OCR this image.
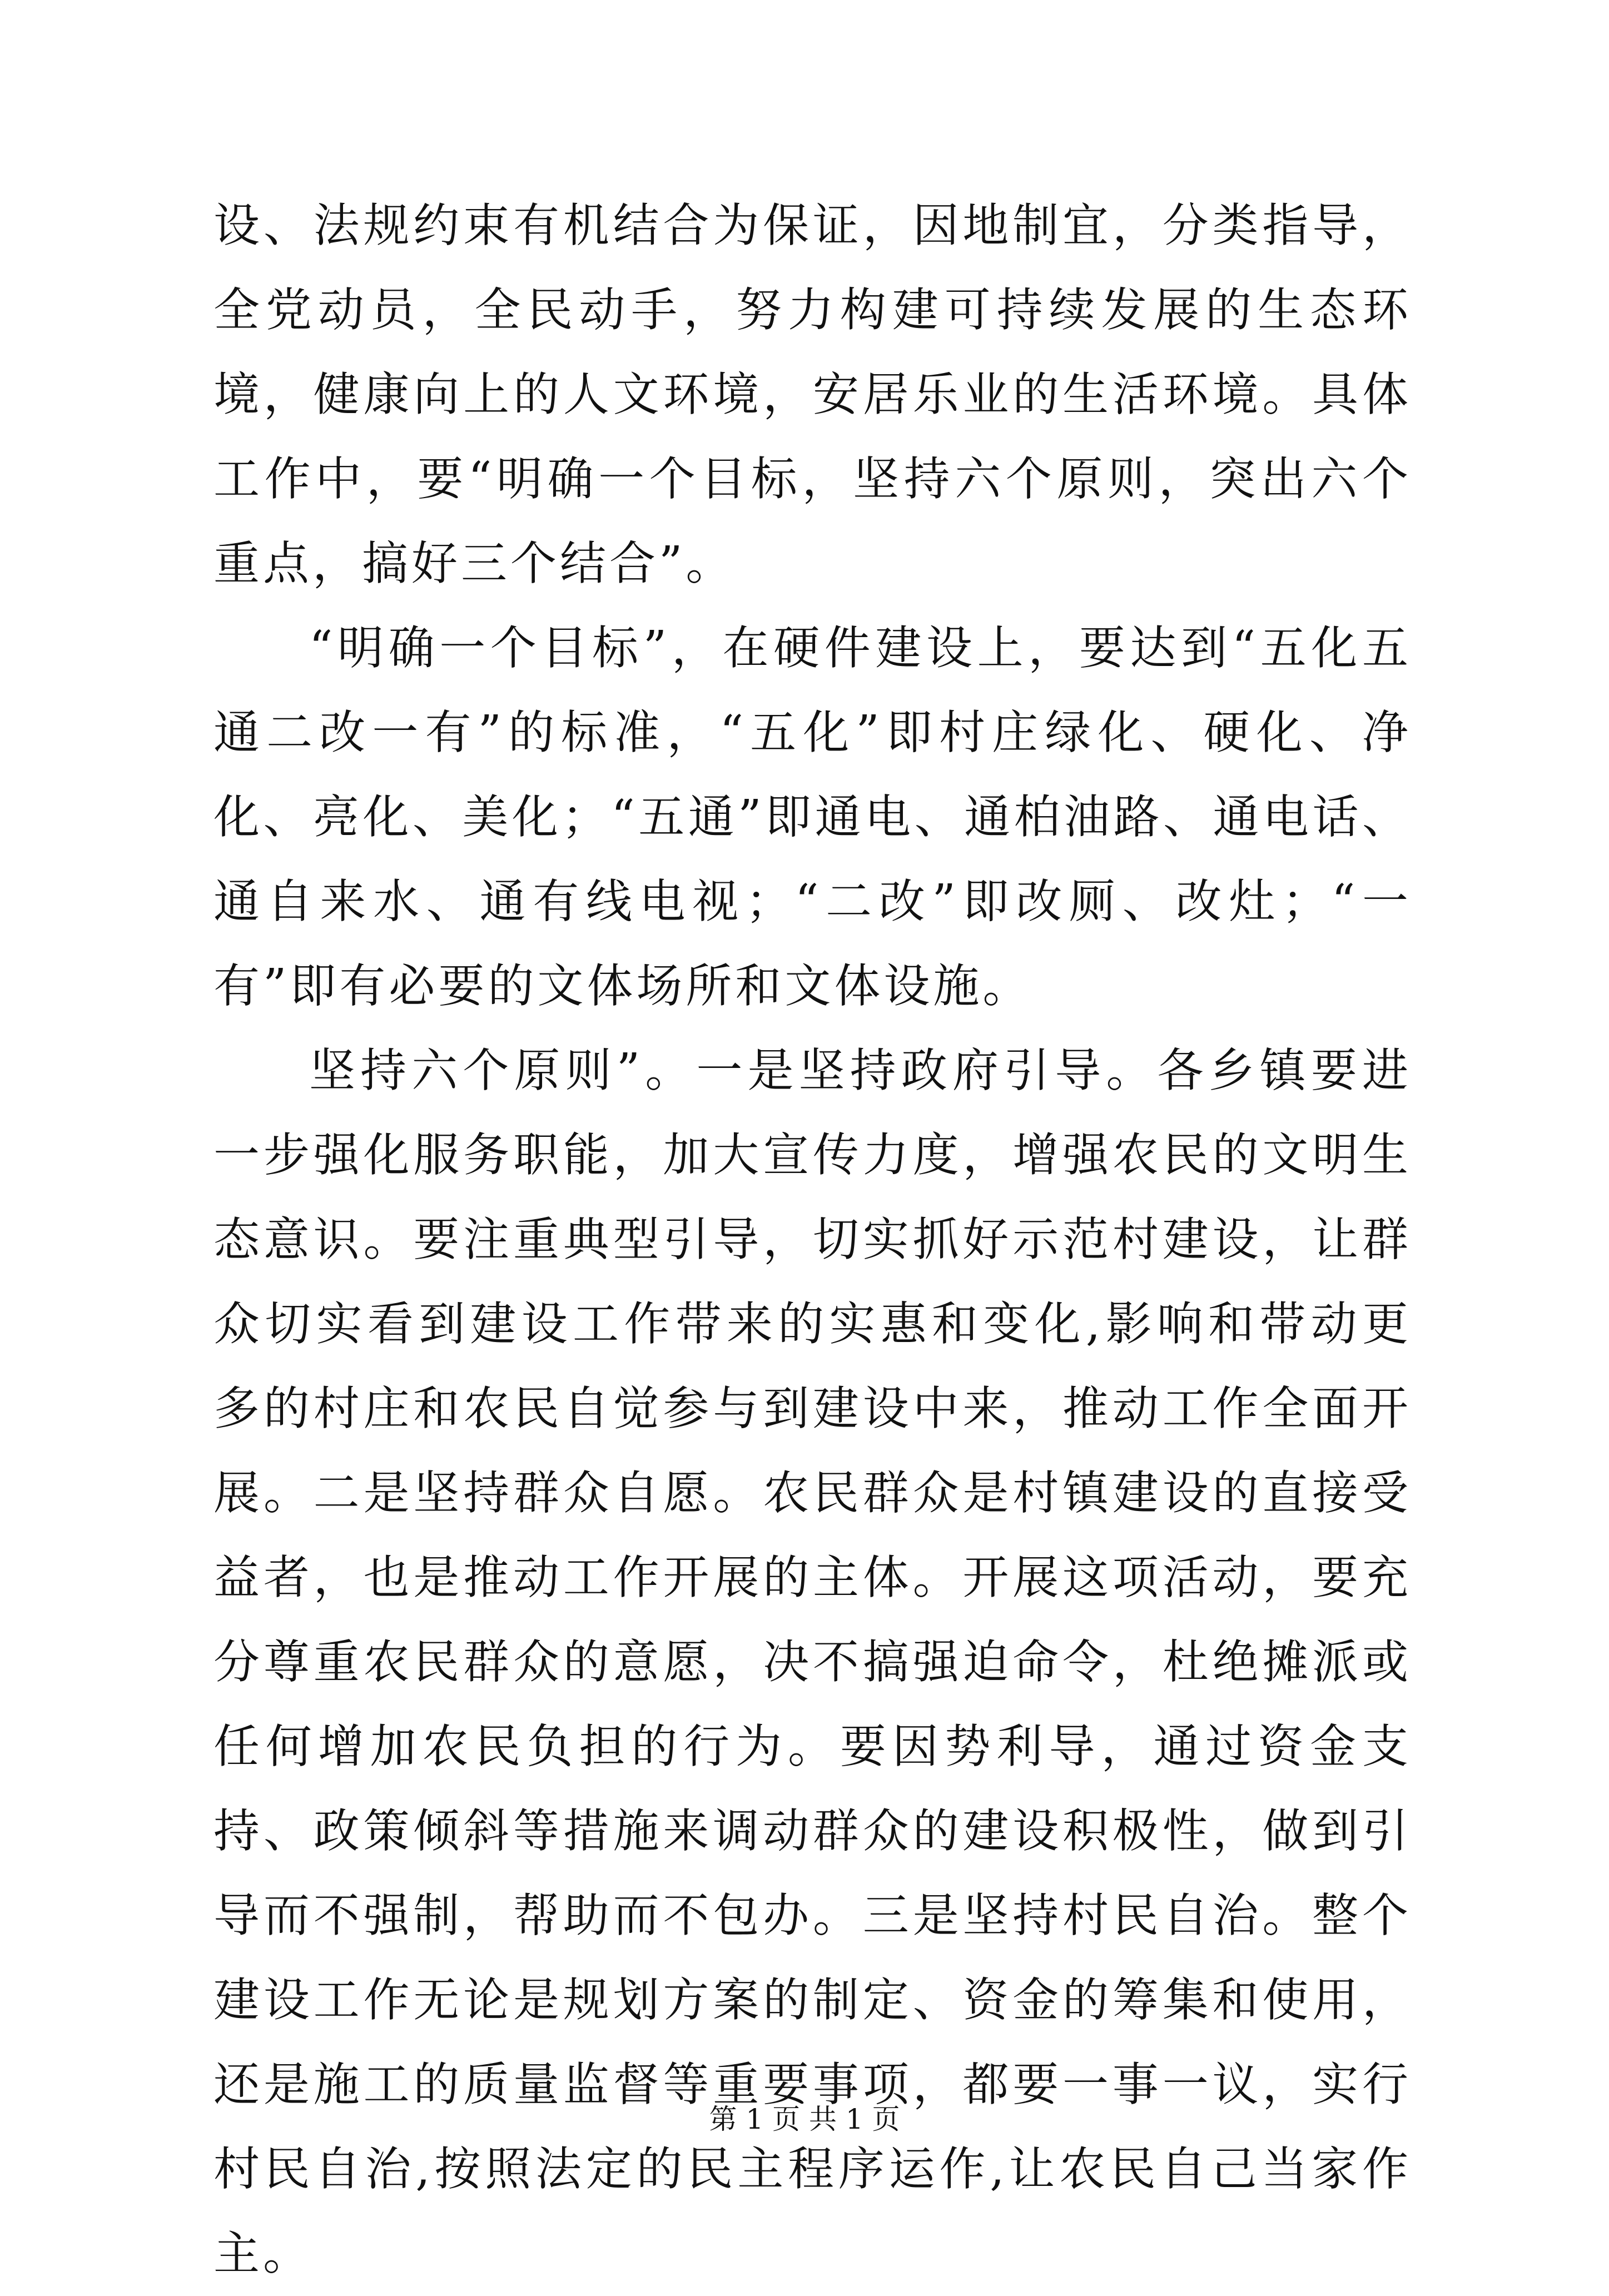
设、法规约束有机结合为保证，因地制宜，分类指导，全党动员，全民动手，努力构建可持续发展的生态环境，健康向上的人文环境，安居乐业的生活环境。具体工作中，要“明确一个目标，坚持六个原则，突出六个重点，搞好三个结合”。

“明确一个目标”，在硬件建设上，要达到“五化五通二改一有”的标准，“五化”即村庄绿化、硬化、净化、亮化、美化；“五通”即通电、通柏油路、通电话、通自来水、通有线电视；“二改”即改厕、改灶；“一有”即有必要的文体场所和文体设施。

坚持六个原则”。一是坚持政府引导。各乡镇要进一步强化服务职能，加大宣传力度，增强农民的文明生态意识。要注重典型引导，切实抓好示范村建设，让群众切实看到建设工作带来的实惠和变化,影响和带动更多的村庄和农民自觉参与到建设中来，推动工作全面开展。二是坚持群众自愿。农民群众是村镇建设的直接受益者，也是推动工作开展的主体。开展这项活动，要充分尊重农民群众的意愿，决不搞强迫命令，杜绝摊派或任何增加农民负担的行为。要因势利导，通过资金支持、政策倾斜等措施来调动群众的建设积极性，做到引导而不强制，帮助而不包办。三是坚持村民自治。整个建设工作无论是规划方案的制定、资金的筹集和使用，还是施工的质量监督等重要事项，都要一事一议，实行村民自治,按照法定的民主程序运作,让农民自己当家作主。

第 1 页 共 1 页
